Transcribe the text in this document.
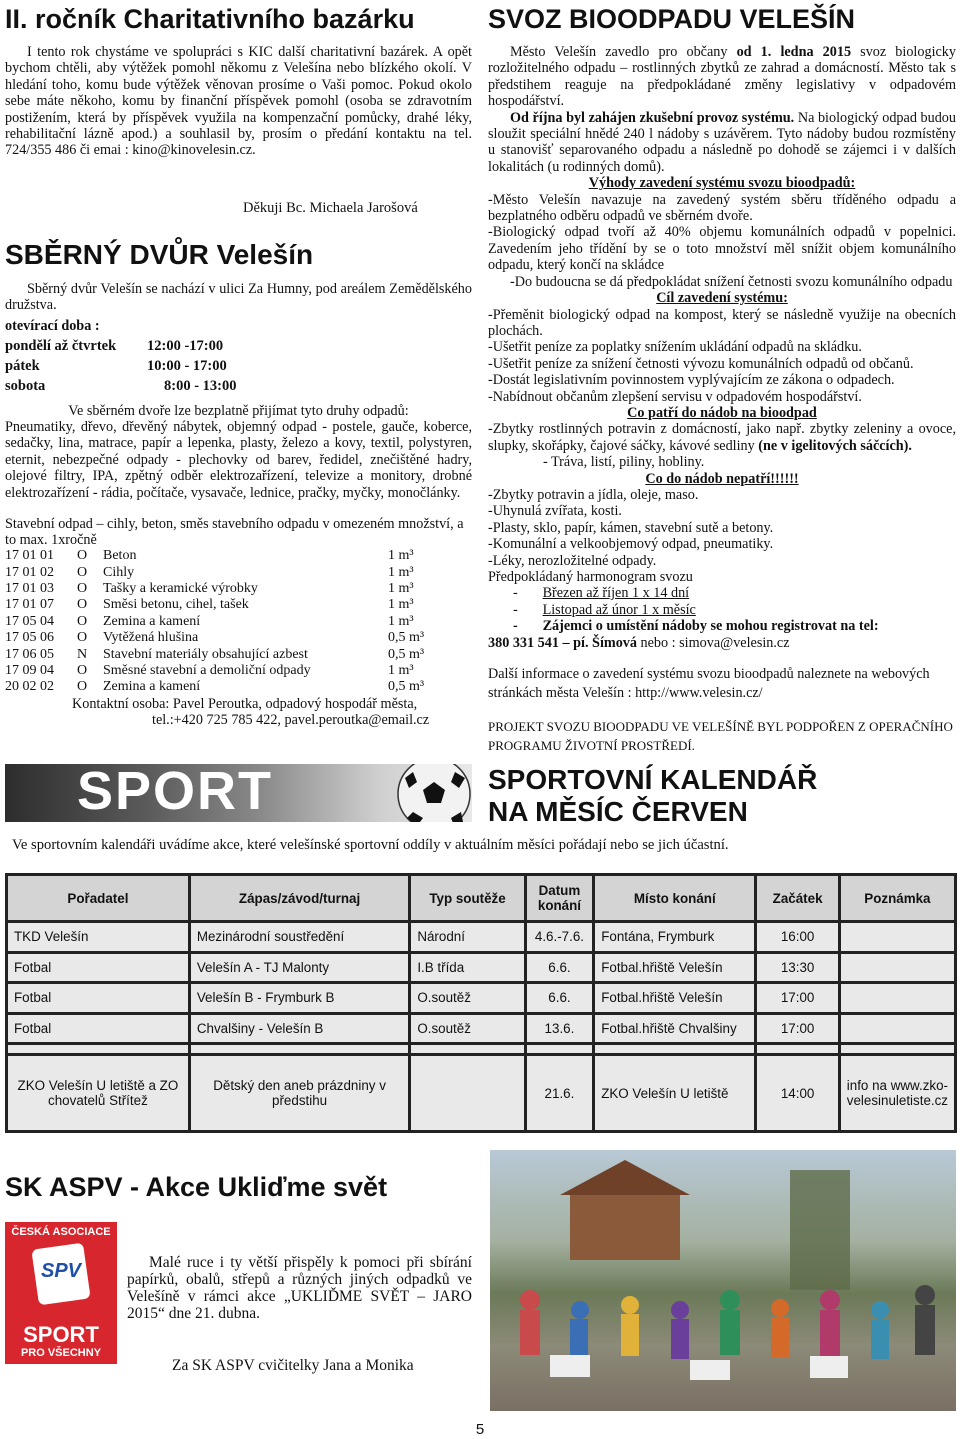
II. ročník Charitativního bazárku
I tento rok chystáme ve spolupráci s KIC další charitativní bazárek. A opět bychom chtěli, aby výtěžek pomohl někomu z Velešína nebo blízkého okolí. V hledání toho, komu bude výtěžek věnovan prosíme o Vaši pomoc. Pokud okolo sebe máte někoho, komu by finanční příspěvek pomohl (osoba se zdravotním postižením, která by příspěvek využila na kompenzační pomůcky, drahé léky, rehabilitační lázně apod.) a souhlasil by, prosím o předání kontaktu na tel. 724/355 486 či emai : kino@kinovelesin.cz.
Děkuji Bc. Michaela Jarošová
SBĚRNÝ DVŮR Velešín
Sběrný dvůr Velešín se nachází v ulici Za Humny, pod areálem Zemědělského družstva.
otevírací doba :
pondělí až čtvrtek	12:00 -17:00
pátek	10:00 - 17:00
sobota	8:00 - 13:00
Ve sběrném dvoře lze bezplatně přijímat tyto druhy odpadů:
Pneumatiky, dřevo, dřevěný nábytek, objemný odpad - postele, gauče, koberce, sedačky, lina, matrace, papír a lepenka, plasty, železo a kovy, textil, polystyren, eternit, nebezpečné odpady - plechovky od barev, ředidel, znečištěné hadry, olejové filtry, IPA, zpětný odběr elektrozařízení, televize a monitory, drobné elektrozařízení - rádia, počítače, vysavače, lednice, pračky, myčky, monočlánky.
Stavební odpad – cihly, beton, směs stavebního odpadu v omezeném množství, a to max. 1xročně
17 01 01	O	Beton	1 m³
17 01 02	O	Cihly	1 m³
17 01 03	O	Tašky a keramické výrobky	1 m³
17 01 07	O	Směsi betonu, cihel, tašek	1 m³
17 05 04	O	Zemina a kamení	1 m³
17 05 06	O	Vytěžená hlušina	0,5 m³
17 06 05	N	Stavební materiály obsahující azbest	0,5 m³
17 09 04	O	Směsné stavební a demoliční odpady	1 m³
20 02 02	O	Zemina a kamení	0,5 m³
Kontaktní osoba: Pavel Peroutka, odpadový hospodář města,
tel.:+420 725 785 422, pavel.peroutka@email.cz
SVOZ BIOODPADU VELEŠÍN

Město Velešín zavedlo pro občany od 1. ledna 2015 svoz biologicky rozložitelného odpadu – rostlinných zbytků ze zahrad a domácností. Město tak s předstihem reaguje na předpokládané změny legislativy v odpadovém hospodářství.

Od října byl zahájen zkušební provoz systému. Na biologický odpad budou sloužit speciální hnědé 240 l nádoby s uzávěrem. Tyto nádoby budou rozmístěny u stanovišť separovaného odpadu a následně po dohodě se zájemci i v dalších lokalitách (u rodinných domů).

Výhody zavedení systému svozu bioodpadů:

-Město Velešín navazuje na zavedený systém sběru tříděného odpadu a bezplatného odběru odpadů ve sběrném dvoře.

-Biologický odpad tvoří až 40% objemu komunálních odpadů v popelnici. Zavedením jeho třídění by se o toto množství měl snížit objem komunálního odpadu, který končí na skládce

-Do budoucna se dá předpokládat snížení četnosti svozu komunálního odpadu

Cíl zavedení systému:

-Přeměnit biologický odpad na kompost, který se následně využije na obecních plochách.

-Ušetřit peníze za poplatky snížením ukládání odpadů na skládku.

-Ušetřit peníze za snížení četnosti vývozu komunálních odpadů od občanů.

-Dostát legislativním povinnostem vyplývajícím ze zákona o odpadech.

-Nabídnout občanům zlepšení servisu v odpadovém hospodářství.

Co patří do nádob na bioodpad

-Zbytky rostlinných potravin z domácností, jako např. zbytky zeleniny a ovoce, slupky, skořápky, čajové sáčky, kávové sedliny (ne v igelitových sáčcích).

- Tráva, listí, piliny, hobliny.

Co do nádob nepatří!!!!!!

-Zbytky potravin a jídla, oleje, maso.

-Uhynulá zvířata, kosti.

-Plasty, sklo, papír, kámen, stavební sutě a betony.

-Komunální a velkoobjemový odpad, pneumatiky.

-Léky, nerozložitelné odpady.

Předpokládaný harmonogram svozu

-       Březen až říjen 1 x 14 dní

-       Listopad až únor 1 x měsíc

-       Zájemci o umístění nádoby se mohou registrovat na tel:

380 331 541 – pí. Šímová nebo : simova@velesin.cz

Další informace o zavedení systému svozu bioodpadů naleznete na webových stránkách města Velešín : http://www.velesin.cz/

PROJEKT SVOZU BIOODPADU VE VELEŠÍNĚ BYL PODPOŘEN Z OPERAČNÍHO PROGRAMU ŽIVOTNÍ PROSTŘEDÍ.

SPORT	SPORTOVNÍ KALENDÁŘ
NA MĚSÍC ČERVEN
Ve sportovním kalendáři uvádíme akce, které velešínské sportovní oddíly v aktuálním měsíci pořádají nebo se jich účastní.
Pořadatel	Zápas/závod/turnaj	Typ soutěže	Datum konání	Místo konání	Začátek	Poznámka
TKD Velešín	Mezinárodní soustředění	Národní	4.6.-7.6.	Fontána, Frymburk	16:00	
Fotbal	Velešín A - TJ Malonty	I.B třída	6.6.	Fotbal.hřiště Velešín	13:30	
Fotbal	Velešín B - Frymburk B	O.soutěž	6.6.	Fotbal.hřiště Velešín	17:00	
Fotbal	Chvalšiny - Velešín B	O.soutěž	13.6.	Fotbal.hřiště Chvalšiny	17:00	

ZKO Velešín U letiště a ZO chovatelů Střítež	Dětský den aneb prázdniny v předstihu		21.6.	ZKO Velešín U letiště	14:00	info na www.zko-velesinuletiste.cz
SK ASPV - Akce Ukliďme svět
ČESKÁ ASOCIACE
SPV
SPORT
PRO VŠECHNY
Malé ruce i ty větší přispěly k pomoci při sbírání papírků, obalů, střepů a různých jiných odpadků ve Velešíně v rámci akce „UKLIĎME SVĚT – JARO 2015“ dne 21. dubna.
Za SK ASPV cvičitelky Jana a Monika
5
